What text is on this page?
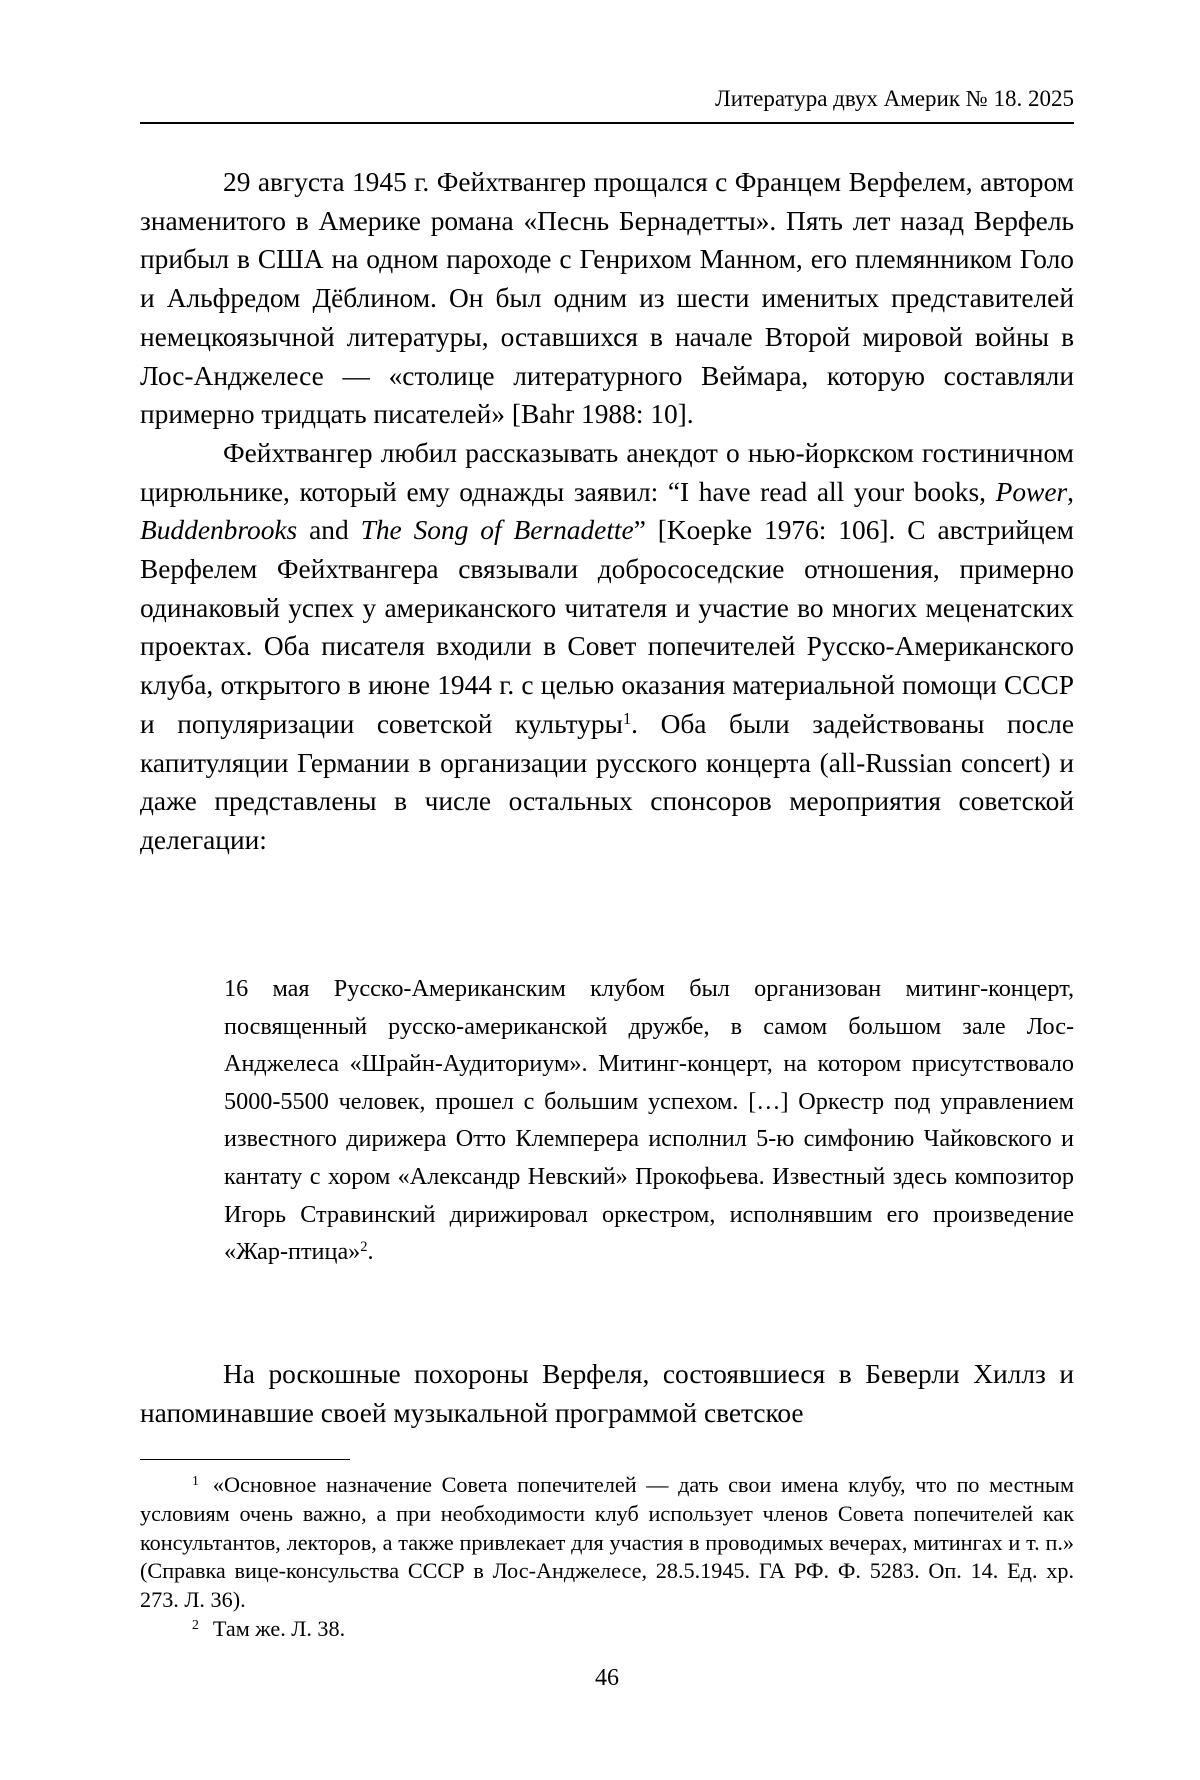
Литература двух Америк № 18. 2025

29 августа 1945 г. Фейхтвангер прощался с Францем Верфелем, автором знаменитого в Америке романа «Песнь Бернадетты». Пять лет назад Верфель прибыл в США на одном пароходе с Генрихом Манном, его племянником Голо и Альфредом Дёблином. Он был одним из шести именитых представителей немецкоязычной литературы, оставшихся в начале Второй мировой войны в Лос-Анджелесе — «столице литературного Веймара, которую составляли примерно тридцать писателей» [Bahr 1988: 10].

Фейхтвангер любил рассказывать анекдот о нью-йоркском гостиничном цирюльнике, который ему однажды заявил: “I have read all your books, Power, Buddenbrooks and The Song of Bernadette” [Koepke 1976: 106]. С австрийцем Верфелем Фейхтвангера связывали добрососедские отношения, примерно одинаковый успех у американского читателя и участие во многих меценатских проектах. Оба писателя входили в Совет попечителей Русско-Американского клуба, открытого в июне 1944 г. с целью оказания материальной помощи СССР и популяризации советской культуры$^1$. Оба были задействованы после капитуляции Германии в организации русского концерта (all-Russian concert) и даже представлены в числе остальных спонсоров мероприятия советской делегации:

16 мая Русско-Американским клубом был организован митинг-концерт, посвященный русско-американской дружбе, в самом большом зале Лос-Анджелеса «Шрайн-Аудиториум». Митинг-концерт, на котором присутствовало 5000-5500 человек, прошел с большим успехом. […] Оркестр под управлением известного дирижера Отто Клемперера исполнил 5-ю симфонию Чайковского и кантату с хором «Александр Невский» Прокофьева. Известный здесь композитор Игорь Стравинский дирижировал оркестром, исполнявшим его произведение «Жар-птица»$^2$.

На роскошные похороны Верфеля, состоявшиеся в Беверли Хиллз и напоминавшие своей музыкальной программой светское

$^1$ «Основное назначение Совета попечителей — дать свои имена клубу, что по местным условиям очень важно, а при необходимости клуб использует членов Совета попечителей как консультантов, лекторов, а также привлекает для участия в проводимых вечерах, митингах и т. п.» (Справка вице-консульства СССР в Лос-Анджелесе, 28.5.1945. ГА РФ. Ф. 5283. Оп. 14. Ед. хр. 273. Л. 36).

$^2$ Там же. Л. 38.

46
